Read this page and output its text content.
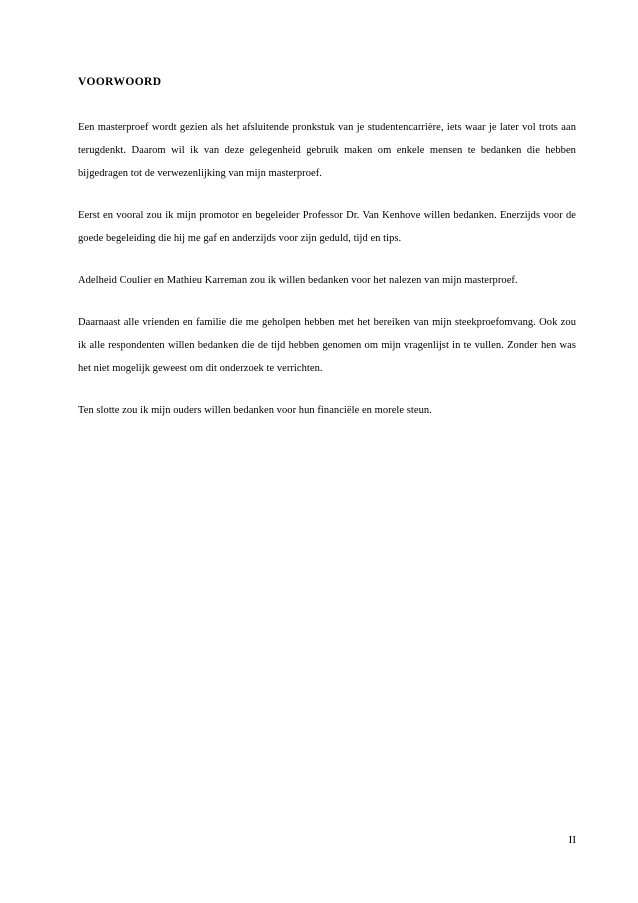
VOORWOORD

Een masterproef wordt gezien als het afsluitende pronkstuk van je studentencarrière, iets waar je later vol trots aan terugdenkt. Daarom wil ik van deze gelegenheid gebruik maken om enkele mensen te bedanken die hebben bijgedragen tot de verwezenlijking van mijn masterproef.

Eerst en vooral zou ik mijn promotor en begeleider Professor Dr. Van Kenhove willen bedanken. Enerzijds voor de goede begeleiding die hij me gaf en anderzijds voor zijn geduld, tijd en tips.

Adelheid Coulier en Mathieu Karreman zou ik willen bedanken voor het nalezen van mijn masterproef.

Daarnaast alle vrienden en familie die me geholpen hebben met het bereiken van mijn steekproefomvang. Ook zou ik alle respondenten willen bedanken die de tijd hebben genomen om mijn vragenlijst in te vullen. Zonder hen was het niet mogelijk geweest om dit onderzoek te verrichten.

Ten slotte zou ik mijn ouders willen bedanken voor hun financiële en morele steun.

II
